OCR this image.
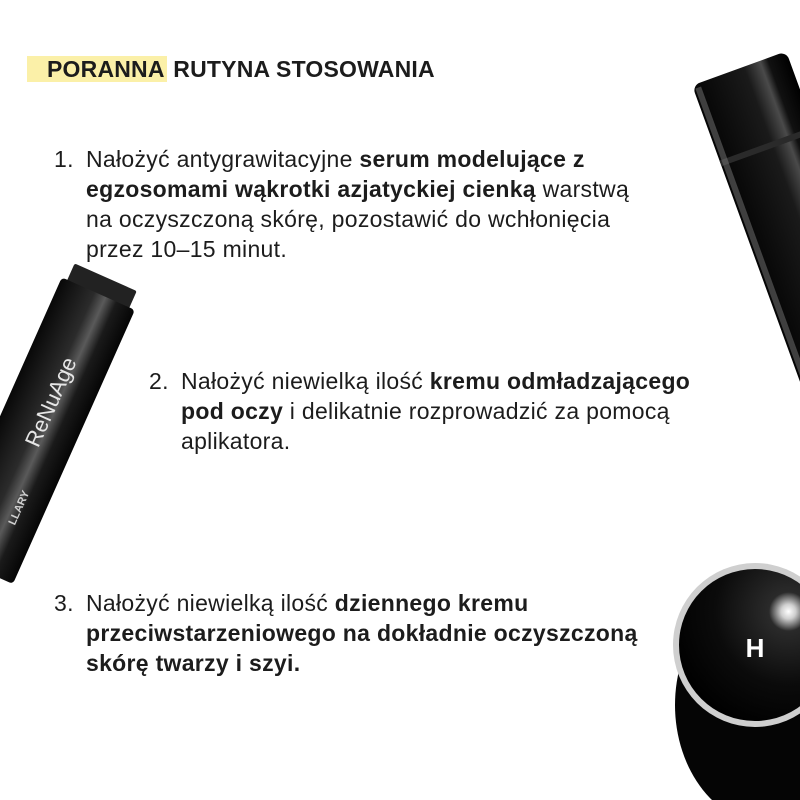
PORANNA RUTYNA STOSOWANIA
ReNuAge
LLARY
H
1. Nałożyć antygrawitacyjne serum modelujące z egzosomami wąkrotki azjatyckiej cienką warstwą na oczyszczoną skórę, pozostawić do wchłonięcia przez 10–15 minut.
2. Nałożyć niewielką ilość kremu odmładzającego pod oczy i delikatnie rozprowadzić za pomocą aplikatora.
3. Nałożyć niewielką ilość dziennego kremu przeciwstarzeniowego na dokładnie oczyszczoną skórę twarzy i szyi.
